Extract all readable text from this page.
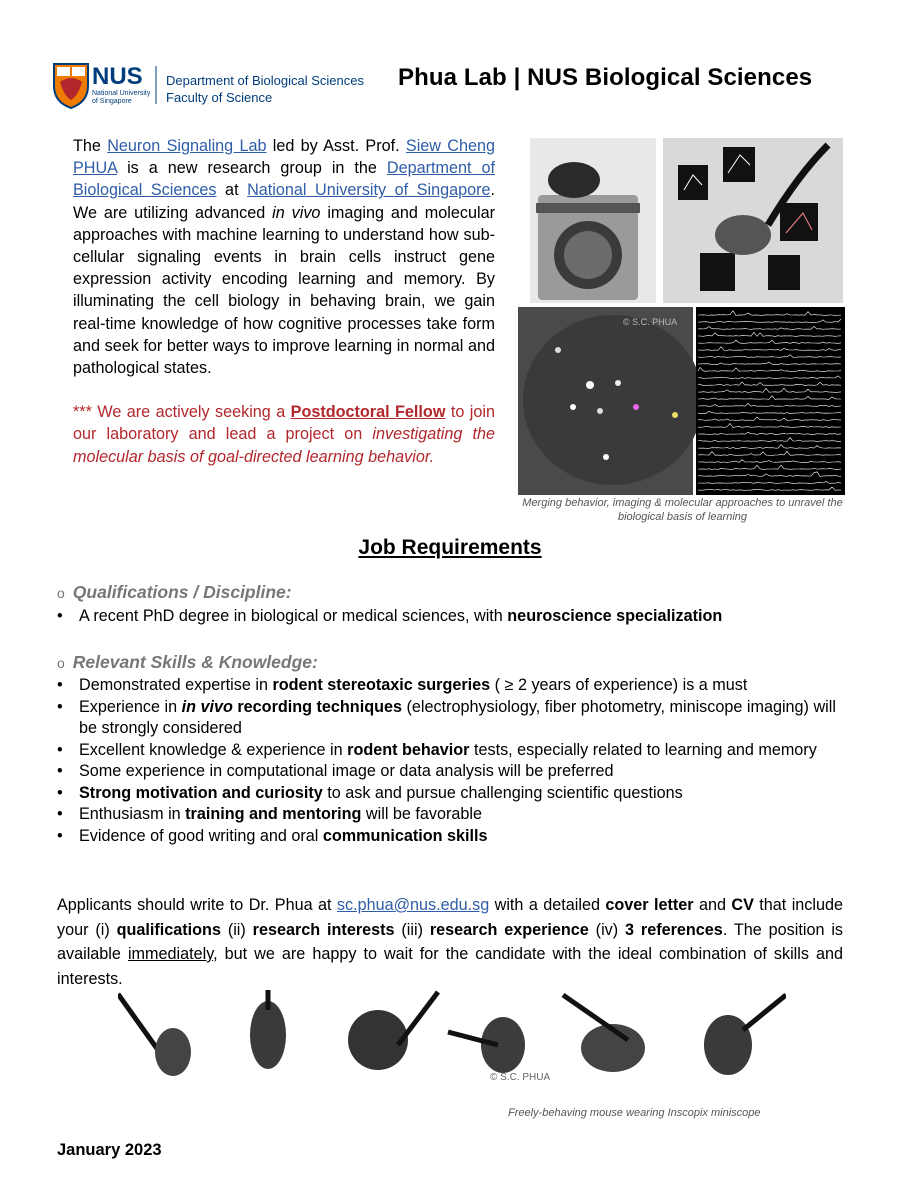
NUS
National University
of Singapore
Department of Biological Sciences
Faculty of Science
Phua Lab | NUS Biological Sciences

The Neuron Signaling Lab led by Asst. Prof. Siew Cheng PHUA is a new research group in the Department of Biological Sciences at National University of Singapore. We are utilizing advanced in vivo imaging and molecular approaches with machine learning to understand how sub-cellular signaling events in brain cells instruct gene expression activity encoding learning and memory. By illuminating the cell biology in behaving brain, we gain real-time knowledge of how cognitive processes take form and seek for better ways to improve learning in normal and pathological states.

*** We are actively seeking a Postdoctoral Fellow to join our laboratory and lead a project on investigating the molecular basis of goal-directed learning behavior.

© S.C. PHUA
Merging behavior, imaging & molecular approaches to unravel the biological basis of learning
Job Requirements
o Qualifications / Discipline:
• A recent PhD degree in biological or medical sciences, with neuroscience specialization
o Relevant Skills & Knowledge:
• Demonstrated expertise in rodent stereotaxic surgeries ( ≥ 2 years of experience) is a must
• Experience in in vivo recording techniques (electrophysiology, fiber photometry, miniscope imaging) will be strongly considered
• Excellent knowledge & experience in rodent behavior tests, especially related to learning and memory
• Some experience in computational image or data analysis will be preferred
• Strong motivation and curiosity to ask and pursue challenging scientific questions
• Enthusiasm in training and mentoring will be favorable
• Evidence of good writing and oral communication skills
Applicants should write to Dr. Phua at sc.phua@nus.edu.sg with a detailed cover letter and CV that include your (i) qualifications (ii) research interests (iii) research experience (iv) 3 references. The position is available immediately, but we are happy to wait for the candidate with the ideal combination of skills and interests.
© S.C. PHUA
Freely-behaving mouse wearing Inscopix miniscope
January 2023
